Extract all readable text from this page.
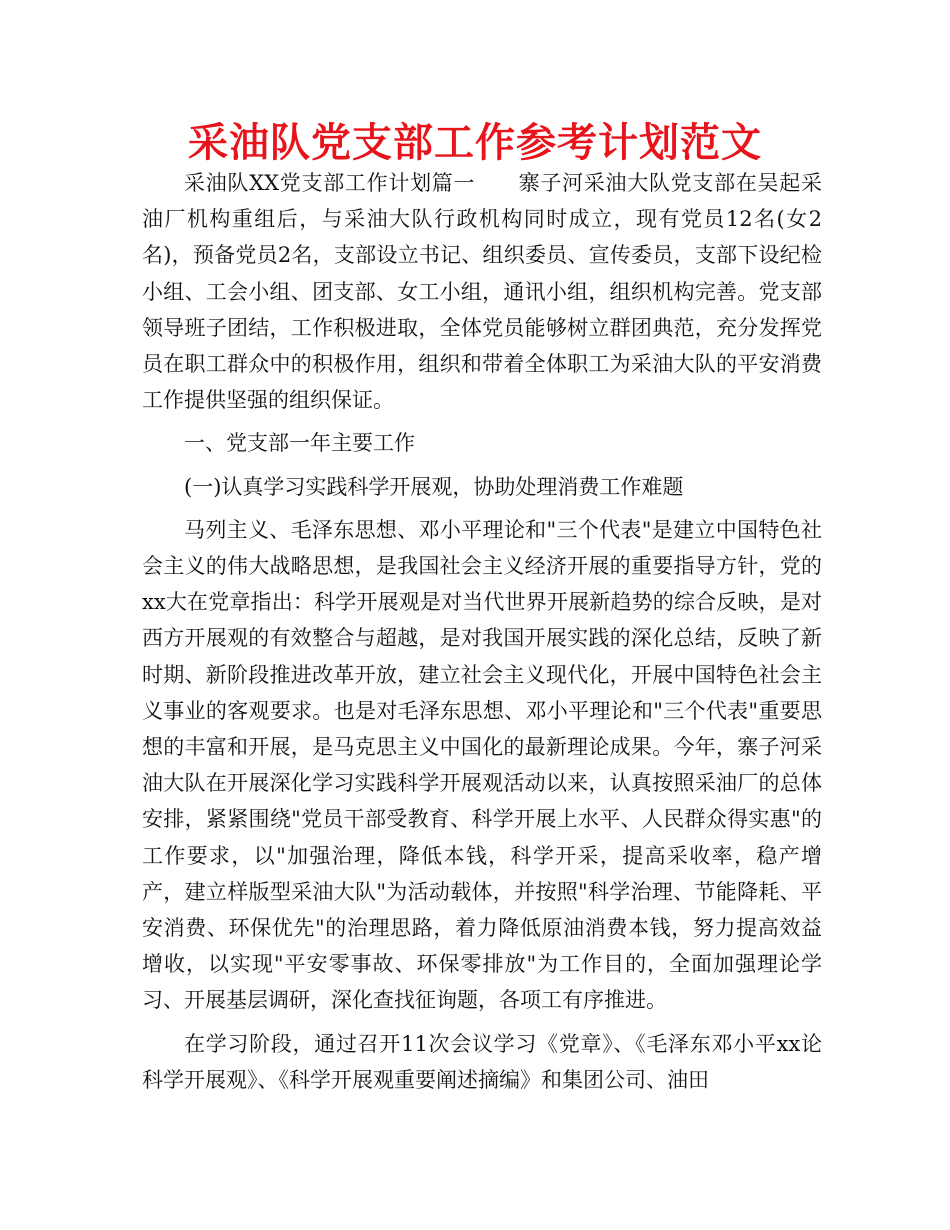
采油队党支部工作参考计划范文

采油队XX党支部工作计划篇一　　寨子河采油大队党支部在吴起采油厂机构重组后，与采油大队行政机构同时成立，现有党员12名(女2名)，预备党员2名，支部设立书记、组织委员、宣传委员，支部下设纪检小组、工会小组、团支部、女工小组，通讯小组，组织机构完善。党支部领导班子团结，工作积极进取，全体党员能够树立群团典范，充分发挥党员在职工群众中的积极作用，组织和带着全体职工为采油大队的平安消费工作提供坚强的组织保证。

一、党支部一年主要工作

(一)认真学习实践科学开展观，协助处理消费工作难题

马列主义、毛泽东思想、邓小平理论和"三个代表"是建立中国特色社会主义的伟大战略思想，是我国社会主义经济开展的重要指导方针，党的xx大在党章指出：科学开展观是对当代世界开展新趋势的综合反映，是对西方开展观的有效整合与超越，是对我国开展实践的深化总结，反映了新时期、新阶段推进改革开放，建立社会主义现代化，开展中国特色社会主义事业的客观要求。也是对毛泽东思想、邓小平理论和"三个代表"重要思想的丰富和开展，是马克思主义中国化的最新理论成果。今年，寨子河采油大队在开展深化学习实践科学开展观活动以来，认真按照采油厂的总体安排，紧紧围绕"党员干部受教育、科学开展上水平、人民群众得实惠"的工作要求，以"加强治理，降低本钱，科学开采，提高采收率，稳产增产，建立样版型采油大队"为活动载体，并按照"科学治理、节能降耗、平安消费、环保优先"的治理思路，着力降低原油消费本钱，努力提高效益增收，以实现"平安零事故、环保零排放"为工作目的，全面加强理论学习、开展基层调研，深化查找征询题，各项工有序推进。

在学习阶段，通过召开11次会议学习《党章》、《毛泽东邓小平xx论科学开展观》、《科学开展观重要阐述摘编》和集团公司、油田
